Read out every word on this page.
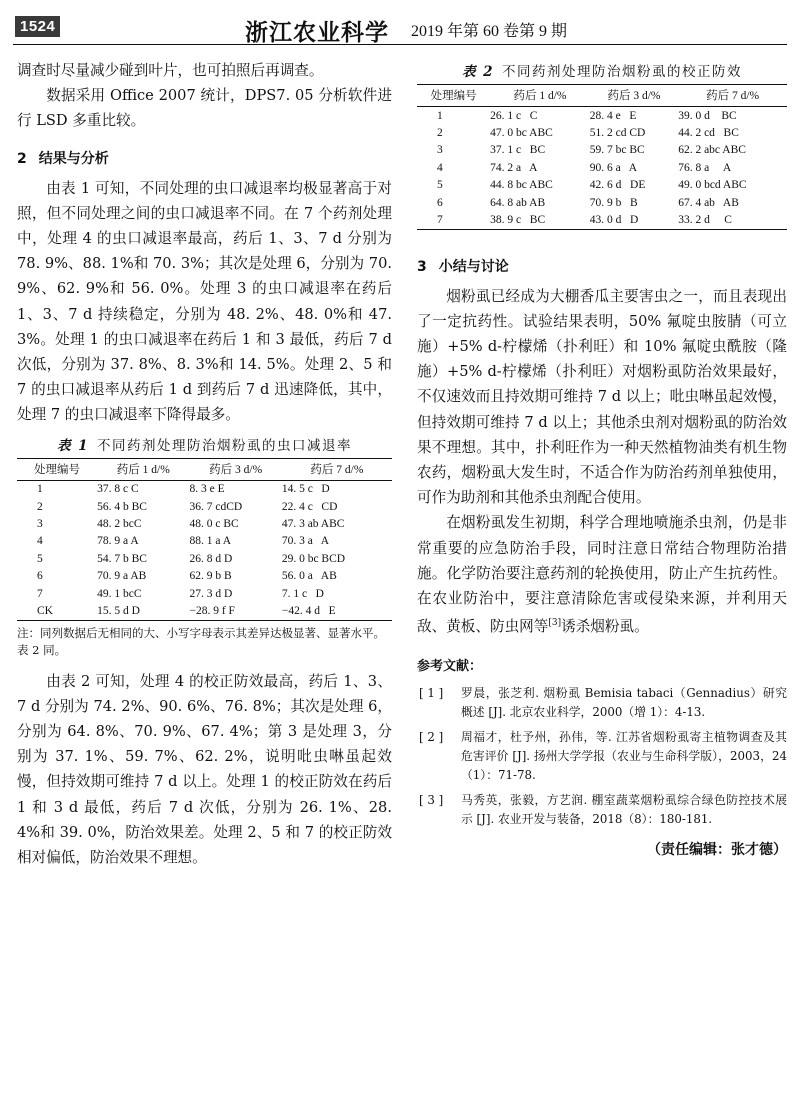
1524	浙江农业科学 2019 年第 60 卷第 9 期

调查时尽量减少碰到叶片，也可拍照后再调查。

数据采用 Office 2007 统计，DPS7. 05 分析软件进行 LSD 多重比较。

2 结果与分析

由表 1 可知，不同处理的虫口减退率均极显著高于对照，但不同处理之间的虫口减退率不同。在 7 个药剂处理中，处理 4 的虫口减退率最高，药后 1、3、7 d 分别为 78. 9%、88. 1%和 70. 3%；其次是处理 6，分别为 70. 9%、62. 9%和 56. 0%。处理 3 的虫口减退率在药后 1、3、7 d 持续稳定，分别为 48. 2%、48. 0%和 47. 3%。处理 1 的虫口减退率在药后 1 和 3 最低，药后 7 d 次低，分别为 37. 8%、8. 3%和 14. 5%。处理 2、5 和 7 的虫口减退率从药后 1 d 到药后 7 d 迅速降低，其中，处理 7 的虫口减退率下降得最多。

表 1 不同药剂处理防治烟粉虱的虫口减退率
处理编号	药后 1 d/%	药后 3 d/%	药后 7 d/%
1	37. 8 c C	8. 3 e E	14. 5 c   D
2	56. 4 b BC	36. 7 cdCD	22. 4 c   CD
3	48. 2 bcC	48. 0 c BC	47. 3 ab ABC
4	78. 9 a A	88. 1 a A	70. 3 a   A
5	54. 7 b BC	26. 8 d D	29. 0 bc BCD
6	70. 9 a AB	62. 9 b B	56. 0 a   AB
7	49. 1 bcC	27. 3 d D	7. 1 c   D
CK	15. 5 d D	−28. 9 f F	−42. 4 d   E
注：同列数据后无相同的大、小写字母表示其差异达极显著、显著水平。表 2 同。

由表 2 可知，处理 4 的校正防效最高，药后 1、3、7 d 分别为 74. 2%、90. 6%、76. 8%；其次是处理 6，分别为 64. 8%、70. 9%、67. 4%；第 3 是处理 3，分别为 37. 1%、59. 7%、62. 2%，说明吡虫啉虽起效慢，但持效期可维持 7 d 以上。处理 1 的校正防效在药后 1 和 3 d 最低，药后 7 d 次低，分别为 26. 1%、28. 4%和 39. 0%，防治效果差。处理 2、5 和 7 的校正防效相对偏低，防治效果不理想。

表 2 不同药剂处理防治烟粉虱的校正防效
处理编号	药后 1 d/%	药后 3 d/%	药后 7 d/%
1	26. 1 c   C	28. 4 e   E	39. 0 d    BC
2	47. 0 bc ABC	51. 2 cd CD	44. 2 cd   BC
3	37. 1 c   BC	59. 7 bc BC	62. 2 abc ABC
4	74. 2 a   A	90. 6 a   A	76. 8 a     A
5	44. 8 bc ABC	42. 6 d   DE	49. 0 bcd ABC
6	64. 8 ab AB	70. 9 b   B	67. 4 ab   AB
7	38. 9 c   BC	43. 0 d   D	33. 2 d     C
3 小结与讨论

烟粉虱已经成为大棚香瓜主要害虫之一，而且表现出了一定抗药性。试验结果表明，50% 氟啶虫胺腈（可立施）+5% d-柠檬烯（扑利旺）和 10% 氟啶虫酰胺（隆施）+5% d-柠檬烯（扑利旺）对烟粉虱防治效果最好，不仅速效而且持效期可维持 7 d 以上；吡虫啉虽起效慢，但持效期可维持 7 d 以上；其他杀虫剂对烟粉虱的防治效果不理想。其中，扑利旺作为一种天然植物油类有机生物农药，烟粉虱大发生时，不适合作为防治药剂单独使用，可作为助剂和其他杀虫剂配合使用。

在烟粉虱发生初期，科学合理地喷施杀虫剂，仍是非常重要的应急防治手段，同时注意日常结合物理防治措施。化学防治要注意药剂的轮换使用，防止产生抗药性。在农业防治中，要注意清除危害或侵染来源，并利用天敌、黄板、防虫网等[3]诱杀烟粉虱。

参考文献：
[ 1 ]	罗晨，张芝利. 烟粉虱 Bemisia tabaci（Gennadius）研究概述 [J]. 北京农业科学，2000（增 1）：4-13.
[ 2 ]	周福才，杜予州，孙伟，等. 江苏省烟粉虱寄主植物调查及其危害评价 [J]. 扬州大学学报（农业与生命科学版），2003，24（1）：71-78.
[ 3 ]	马秀英，张毅，方艺润. 棚室蔬菜烟粉虱综合绿色防控技术展示 [J]. 农业开发与装备，2018（8）：180-181.
（责任编辑：张才德）
